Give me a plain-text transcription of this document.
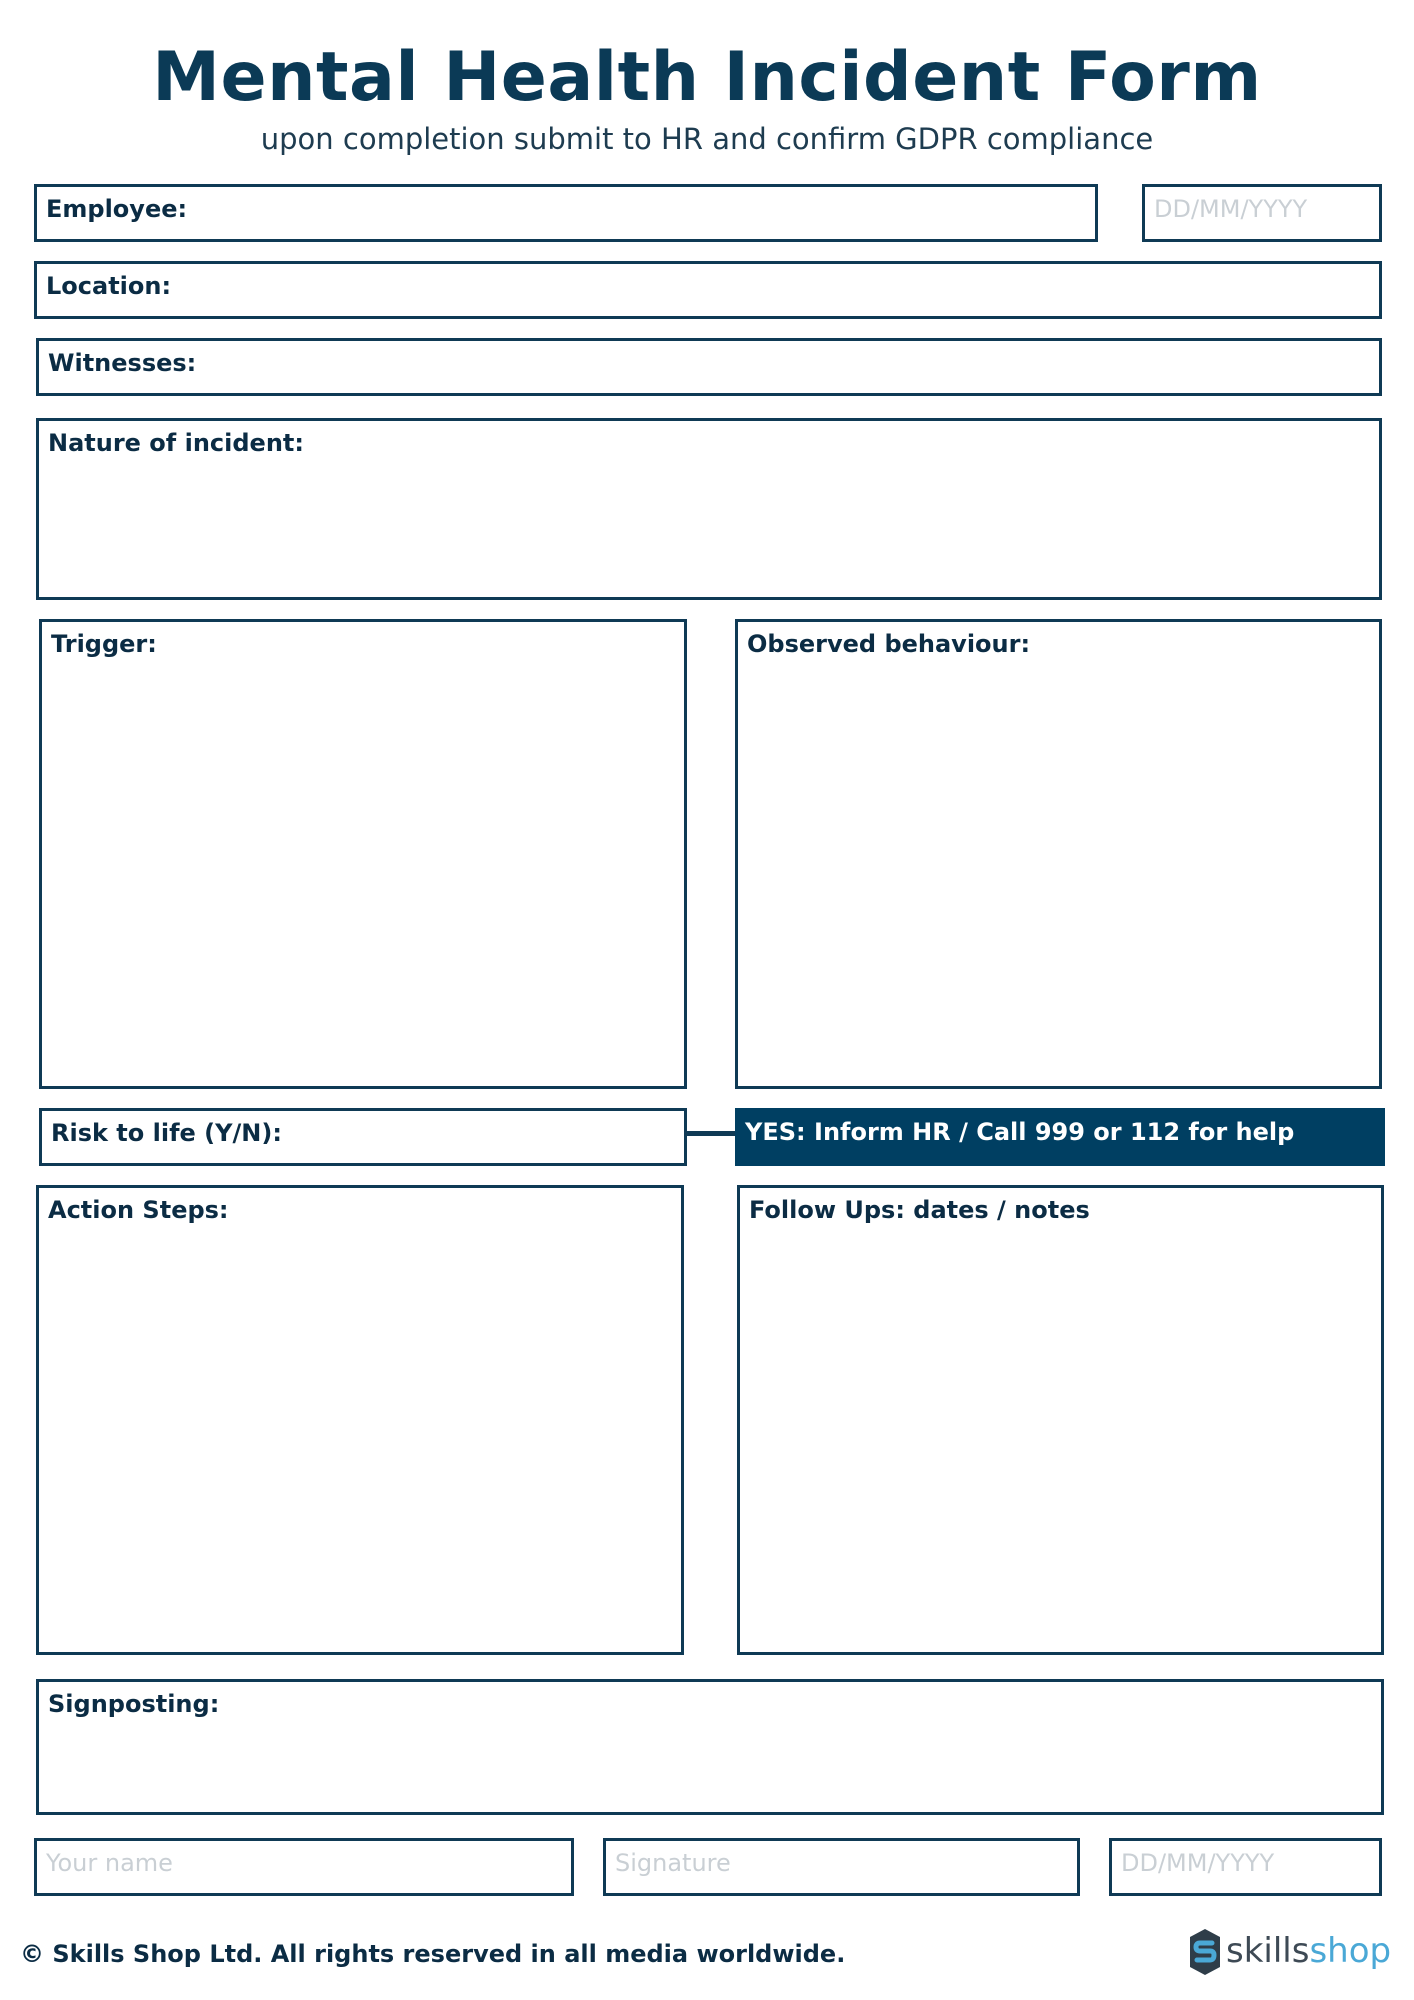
Mental Health Incident Form
upon completion submit to HR and confirm GDPR compliance
Employee:	DD/MM/YYYY
Location:
Witnesses:
Nature of incident:
Trigger:	Observed behaviour:
Risk to life (Y/N):	YES: Inform HR / Call 999 or 112 for help
Action Steps:	Follow Ups: dates / notes
Signposting:
Your name	Signature	DD/MM/YYYY
© Skills Shop Ltd. All rights reserved in all media worldwide.	skillsshop
